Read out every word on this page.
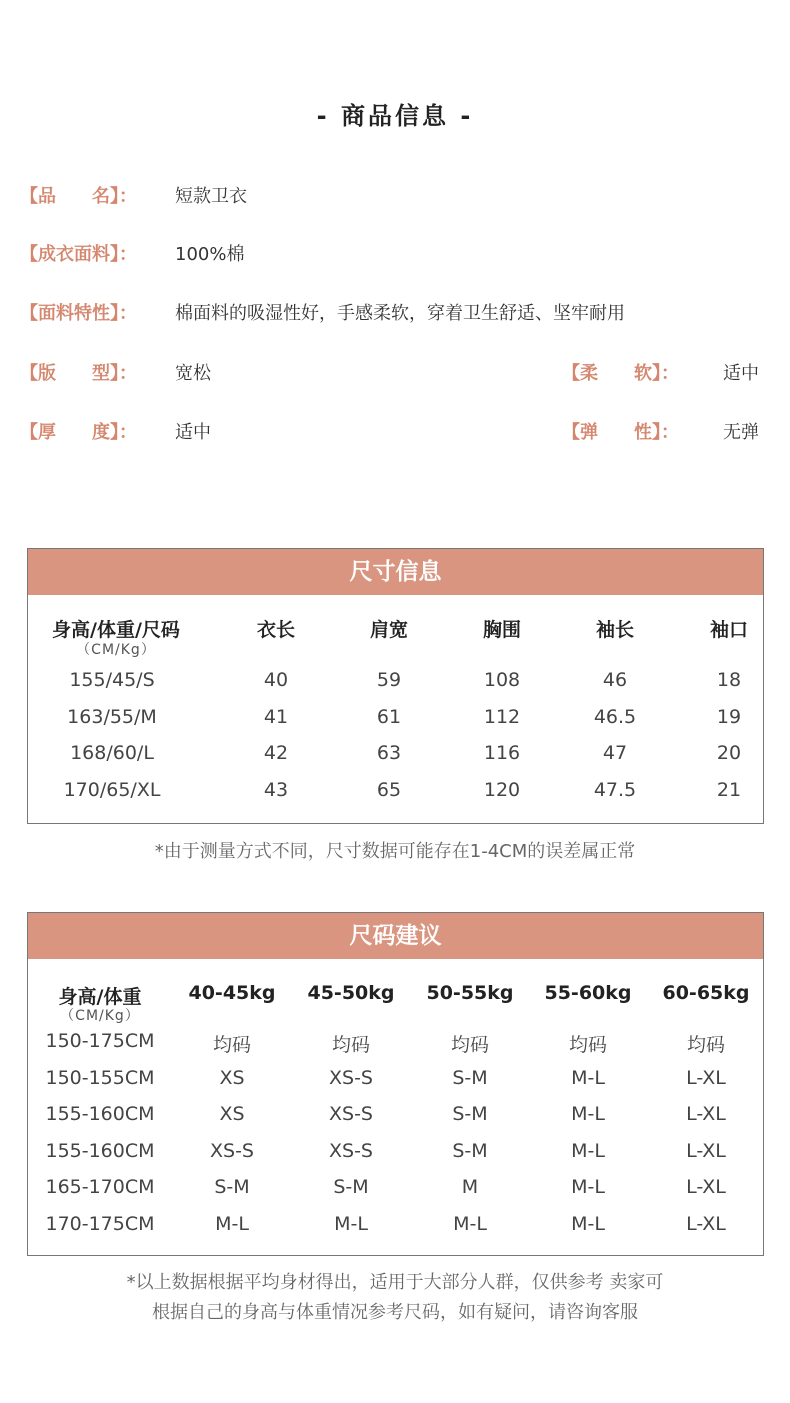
- 商品信息 -
【品　　名】： 短款卫衣
【成衣面料】： 100%棉
【面料特性】： 棉面料的吸湿性好，手感柔软，穿着卫生舒适、坚牢耐用
【版　　型】： 宽松	【柔　　软】： 适中
【厚　　度】： 适中	【弹　　性】： 无弹
尺寸信息
身高/体重/尺码
（CM/Kg）
衣长	肩宽	胸围	袖长	袖口
155/45/S	40	59	108	46	18
163/55/M	41	61	112	46.5	19
168/60/L	42	63	116	47	20
170/65/XL	43	65	120	47.5	21
*由于测量方式不同，尺寸数据可能存在1-4CM的误差属正常
尺码建议
身高/体重
（CM/Kg）
40-45kg 45-50kg 50-55kg 55-60kg 60-65kg
150-175CM	均码	均码	均码	均码	均码
150-155CM	XS	XS-S	S-M	M-L	L-XL
155-160CM	XS	XS-S	S-M	M-L	L-XL
155-160CM	XS-S	XS-S	S-M	M-L	L-XL
165-170CM	S-M	S-M	M	M-L	L-XL
170-175CM	M-L	M-L	M-L	M-L	L-XL
*以上数据根据平均身材得出，适用于大部分人群，仅供参考 卖家可
根据自己的身高与体重情况参考尺码，如有疑问，请咨询客服
